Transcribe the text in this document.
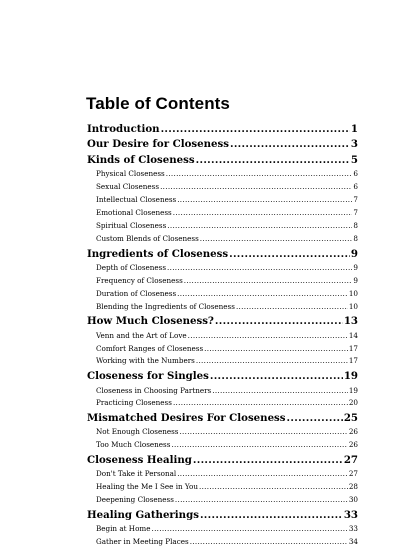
Table of Contents
Introduction .....	1
Our Desire for Closeness .....	3
Kinds of Closeness .....	5
Physical Closeness .....	6
Sexual Closeness .....	6
Intellectual Closeness .....	7
Emotional Closeness .....	7
Spiritual Closeness .....	8
Custom Blends of Closeness .....	8
Ingredients of Closeness .....	9
Depth of Closeness .....	9
Frequency of Closeness .....	9
Duration of Closeness .....	10
Blending the Ingredients of Closeness .....	10
How Much Closeness? .....	13
Venn and the Art of Love .....	14
Comfort Ranges of Closeness .....	17
Working with the Numbers .....	17
Closeness for Singles .....	19
Closeness in Choosing Partners .....	19
Practicing Closeness .....	20
Mismatched Desires For Closeness .....	25
Not Enough Closeness .....	26
Too Much Closeness .....	26
Closeness Healing .....	27
Don't Take it Personal .....	27
Healing the Me I See in You .....	28
Deepening Closeness .....	30
Healing Gatherings .....	33
Begin at Home .....	33
Gather in Meeting Places .....	34
